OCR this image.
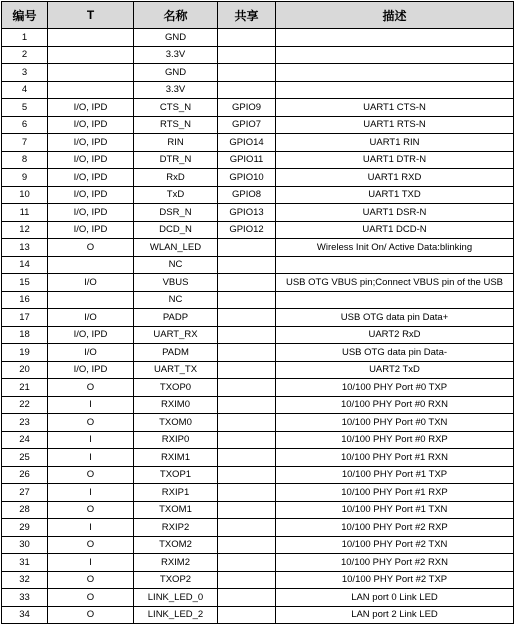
编号	T	名称	共享	描述
1		GND		
2		3.3V		
3		GND		
4		3.3V		
5	I/O, IPD	CTS_N	GPIO9	UART1 CTS-N
6	I/O, IPD	RTS_N	GPIO7	UART1 RTS-N
7	I/O, IPD	RIN	GPIO14	UART1 RIN
8	I/O, IPD	DTR_N	GPIO11	UART1 DTR-N
9	I/O, IPD	RxD	GPIO10	UART1 RXD
10	I/O, IPD	TxD	GPIO8	UART1 TXD
11	I/O, IPD	DSR_N	GPIO13	UART1 DSR-N
12	I/O, IPD	DCD_N	GPIO12	UART1 DCD-N
13	O	WLAN_LED		Wireless Init On/ Active Data:blinking
14		NC		
15	I/O	VBUS		USB OTG VBUS pin;Connect VBUS pin of the USB
16		NC		
17	I/O	PADP		USB OTG data pin Data+
18	I/O, IPD	UART_RX		UART2 RxD
19	I/O	PADM		USB OTG data pin Data-
20	I/O, IPD	UART_TX		UART2 TxD
21	O	TXOP0		10/100 PHY Port #0 TXP
22	I	RXIM0		10/100 PHY Port #0 RXN
23	O	TXOM0		10/100 PHY Port #0 TXN
24	I	RXIP0		10/100 PHY Port #0 RXP
25	I	RXIM1		10/100 PHY Port #1 RXN
26	O	TXOP1		10/100 PHY Port #1 TXP
27	I	RXIP1		10/100 PHY Port #1 RXP
28	O	TXOM1		10/100 PHY Port #1 TXN
29	I	RXIP2		10/100 PHY Port #2 RXP
30	O	TXOM2		10/100 PHY Port #2 TXN
31	I	RXIM2		10/100 PHY Port #2 RXN
32	O	TXOP2		10/100 PHY Port #2 TXP
33	O	LINK_LED_0		LAN port 0 Link LED
34	O	LINK_LED_2		LAN port 2 Link LED
